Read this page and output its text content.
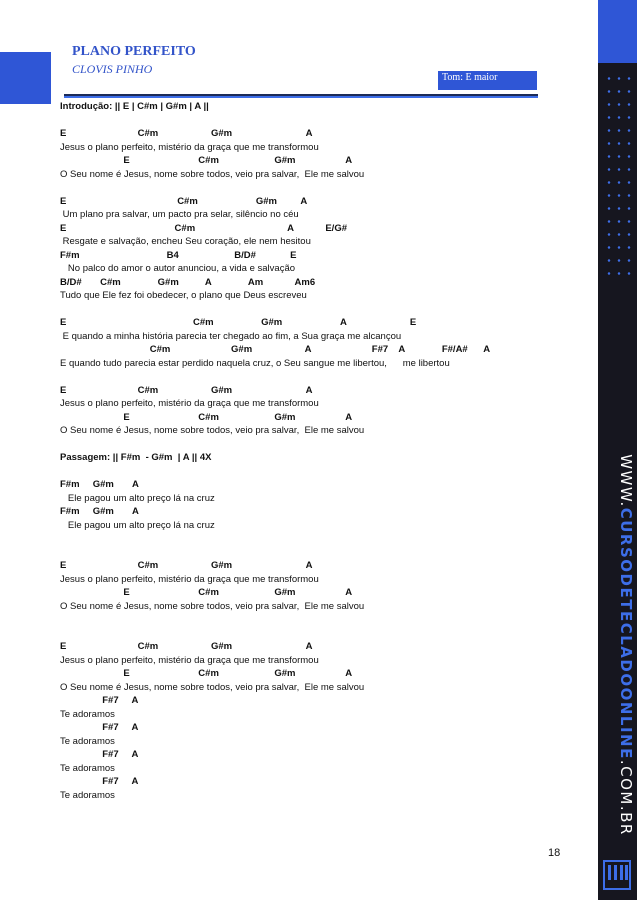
PLANO PERFEITO
CLOVIS PINHO
Tom: E maior
WWW.CURSODETECLADOONLINE.COM.BR
Introdução: || E | C#m | G#m | A ||
E                           C#m                    G#m                            A
Jesus o plano perfeito, mistério da graça que me transformou
E                          C#m                     G#m                   A
O Seu nome é Jesus, nome sobre todos, veio pra salvar,  Ele me salvou
E                                          C#m                      G#m         A
Um plano pra salvar, um pacto pra selar, silêncio no céu
E                                         C#m                                   A            E/G#
Resgate e salvação, encheu Seu coração, ele nem hesitou
F#m                                 B4                     B/D#             E
No palco do amor o autor anunciou, a vida e salvação
B/D#       C#m              G#m          A              Am            Am6
Tudo que Ele fez foi obedecer, o plano que Deus escreveu
E                                                C#m                  G#m                      A                        E
E quando a minha história parecia ter chegado ao fim, a Sua graça me alcançou
C#m                       G#m                    A                       F#7    A              F#/A#      A
E quando tudo parecia estar perdido naquela cruz, o Seu sangue me libertou,      me libertou
E                           C#m                    G#m                            A
Jesus o plano perfeito, mistério da graça que me transformou
E                          C#m                     G#m                   A
O Seu nome é Jesus, nome sobre todos, veio pra salvar,  Ele me salvou
Passagem: || F#m  - G#m  | A || 4X
F#m     G#m       A
Ele pagou um alto preço lá na cruz
F#m     G#m       A
Ele pagou um alto preço lá na cruz
E                           C#m                    G#m                            A
Jesus o plano perfeito, mistério da graça que me transformou
E                          C#m                     G#m                   A
O Seu nome é Jesus, nome sobre todos, veio pra salvar,  Ele me salvou
E                           C#m                    G#m                            A
Jesus o plano perfeito, mistério da graça que me transformou
E                          C#m                     G#m                   A
O Seu nome é Jesus, nome sobre todos, veio pra salvar,  Ele me salvou
F#7     A
Te adoramos
F#7     A
Te adoramos
F#7     A
Te adoramos
F#7     A
Te adoramos
18
